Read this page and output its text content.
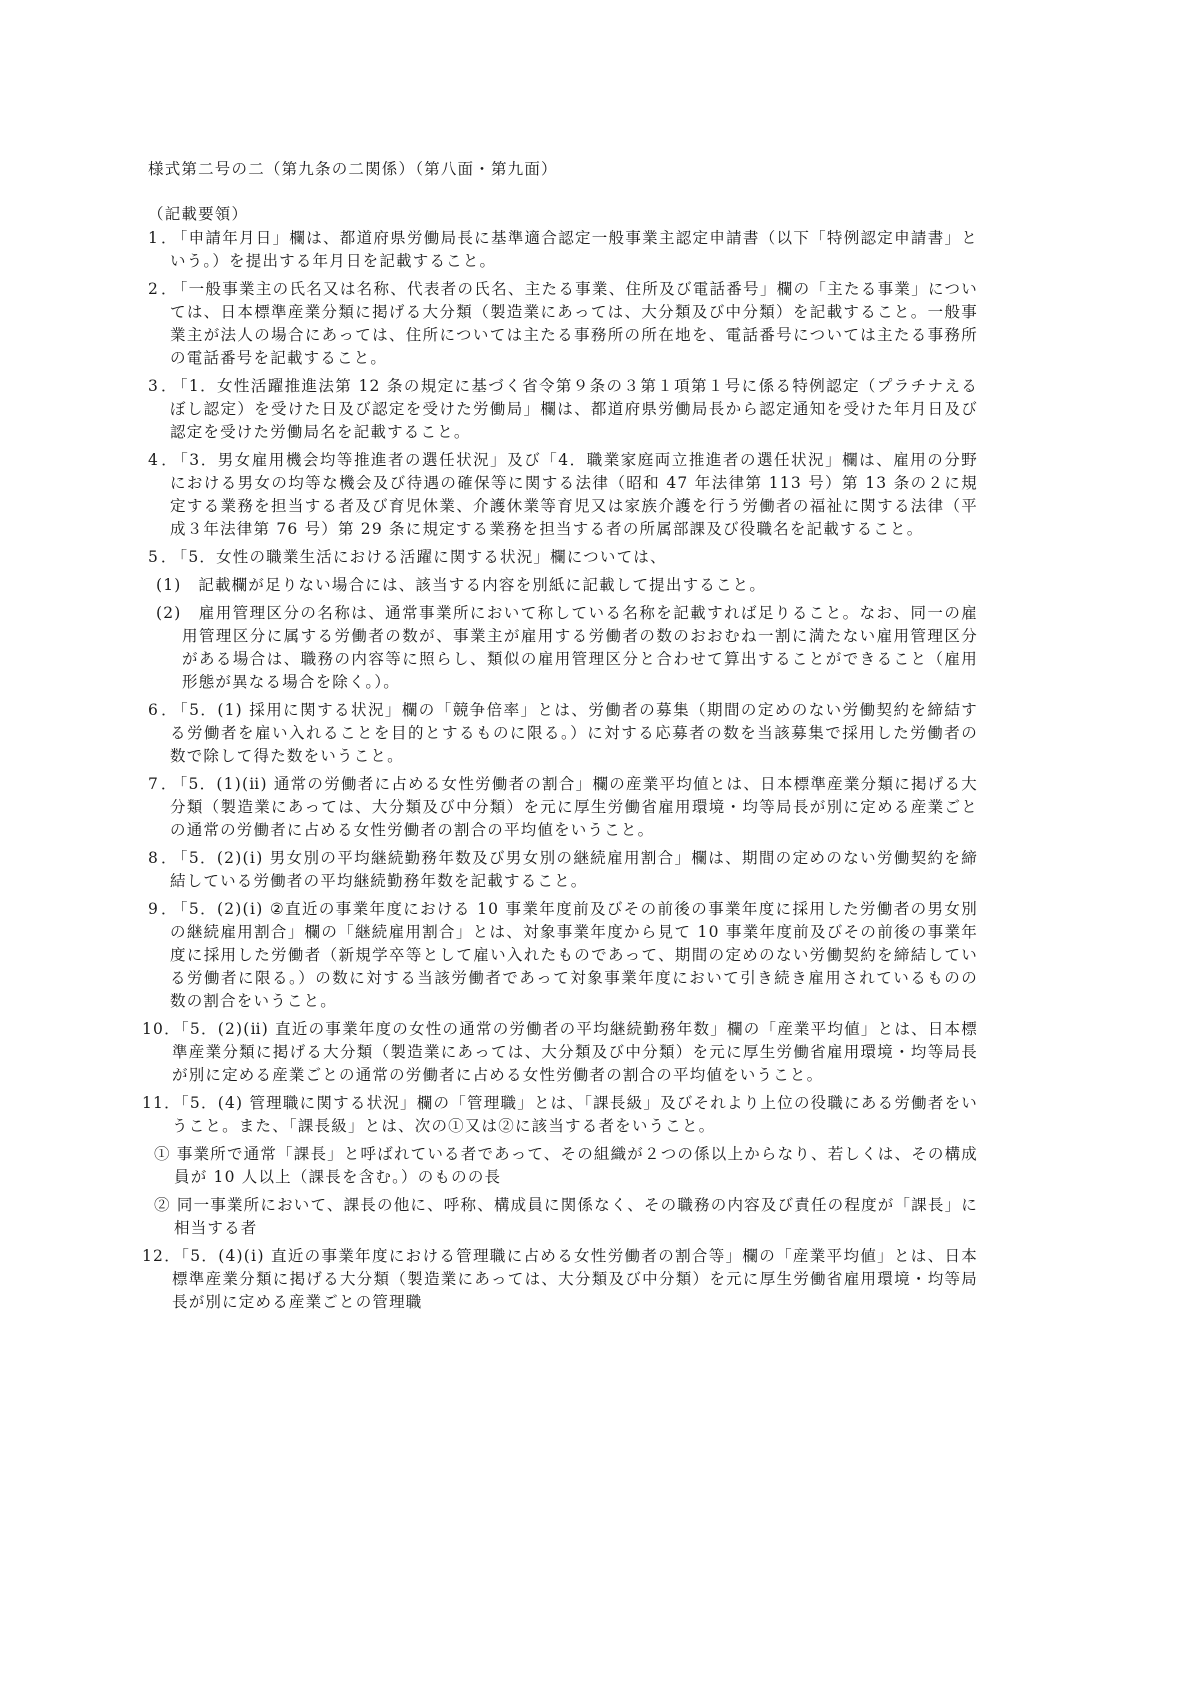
様式第二号の二（第九条の二関係）（第八面・第九面）

（記載要領）

1．「申請年月日」欄は、都道府県労働局長に基準適合認定一般事業主認定申請書（以下「特例認定申請書」という。）を提出する年月日を記載すること。

2．「一般事業主の氏名又は名称、代表者の氏名、主たる事業、住所及び電話番号」欄の「主たる事業」については、日本標準産業分類に掲げる大分類（製造業にあっては、大分類及び中分類）を記載すること。一般事業主が法人の場合にあっては、住所については主たる事務所の所在地を、電話番号については主たる事務所の電話番号を記載すること。

3．「1．女性活躍推進法第 12 条の規定に基づく省令第９条の３第１項第１号に係る特例認定（プラチナえるぼし認定）を受けた日及び認定を受けた労働局」欄は、都道府県労働局長から認定通知を受けた年月日及び認定を受けた労働局名を記載すること。

4．「3．男女雇用機会均等推進者の選任状況」及び「4．職業家庭両立推進者の選任状況」欄は、雇用の分野における男女の均等な機会及び待遇の確保等に関する法律（昭和 47 年法律第 113 号）第 13 条の２に規定する業務を担当する者及び育児休業、介護休業等育児又は家族介護を行う労働者の福祉に関する法律（平成３年法律第 76 号）第 29 条に規定する業務を担当する者の所属部課及び役職名を記載すること。

5．「5．女性の職業生活における活躍に関する状況」欄については、

(1)　 記載欄が足りない場合には、該当する内容を別紙に記載して提出すること。

(2)　 雇用管理区分の名称は、通常事業所において称している名称を記載すれば足りること。なお、同一の雇用管理区分に属する労働者の数が、事業主が雇用する労働者の数のおおむね一割に満たない雇用管理区分がある場合は、職務の内容等に照らし、類似の雇用管理区分と合わせて算出することができること（雇用形態が異なる場合を除く。）。

6．「5．(1) 採用に関する状況」欄の「競争倍率」とは、労働者の募集（期間の定めのない労働契約を締結する労働者を雇い入れることを目的とするものに限る。）に対する応募者の数を当該募集で採用した労働者の数で除して得た数をいうこと。

7．「5．(1)(ⅱ) 通常の労働者に占める女性労働者の割合」欄の産業平均値とは、日本標準産業分類に掲げる大分類（製造業にあっては、大分類及び中分類）を元に厚生労働省雇用環境・均等局長が別に定める産業ごとの通常の労働者に占める女性労働者の割合の平均値をいうこと。

8．「5．(2)(ⅰ) 男女別の平均継続勤務年数及び男女別の継続雇用割合」欄は、期間の定めのない労働契約を締結している労働者の平均継続勤務年数を記載すること。

9．「5．(2)(ⅰ) ②直近の事業年度における 10 事業年度前及びその前後の事業年度に採用した労働者の男女別の継続雇用割合」欄の「継続雇用割合」とは、対象事業年度から見て 10 事業年度前及びその前後の事業年度に採用した労働者（新規学卒等として雇い入れたものであって、期間の定めのない労働契約を締結している労働者に限る。）の数に対する当該労働者であって対象事業年度において引き続き雇用されているものの数の割合をいうこと。

10．「5．(2)(ⅱ) 直近の事業年度の女性の通常の労働者の平均継続勤務年数」欄の「産業平均値」とは、日本標準産業分類に掲げる大分類（製造業にあっては、大分類及び中分類）を元に厚生労働省雇用環境・均等局長が別に定める産業ごとの通常の労働者に占める女性労働者の割合の平均値をいうこと。

11．「5．(4) 管理職に関する状況」欄の「管理職」とは、「課長級」及びそれより上位の役職にある労働者をいうこと。また、「課長級」とは、次の①又は②に該当する者をいうこと。

① 事業所で通常「課長」と呼ばれている者であって、その組織が２つの係以上からなり、若しくは、その構成員が 10 人以上（課長を含む。）のものの長

② 同一事業所において、課長の他に、呼称、構成員に関係なく、その職務の内容及び責任の程度が「課長」に相当する者

12．「5．(4)(ⅰ) 直近の事業年度における管理職に占める女性労働者の割合等」欄の「産業平均値」とは、日本標準産業分類に掲げる大分類（製造業にあっては、大分類及び中分類）を元に厚生労働省雇用環境・均等局長が別に定める産業ごとの管理職
